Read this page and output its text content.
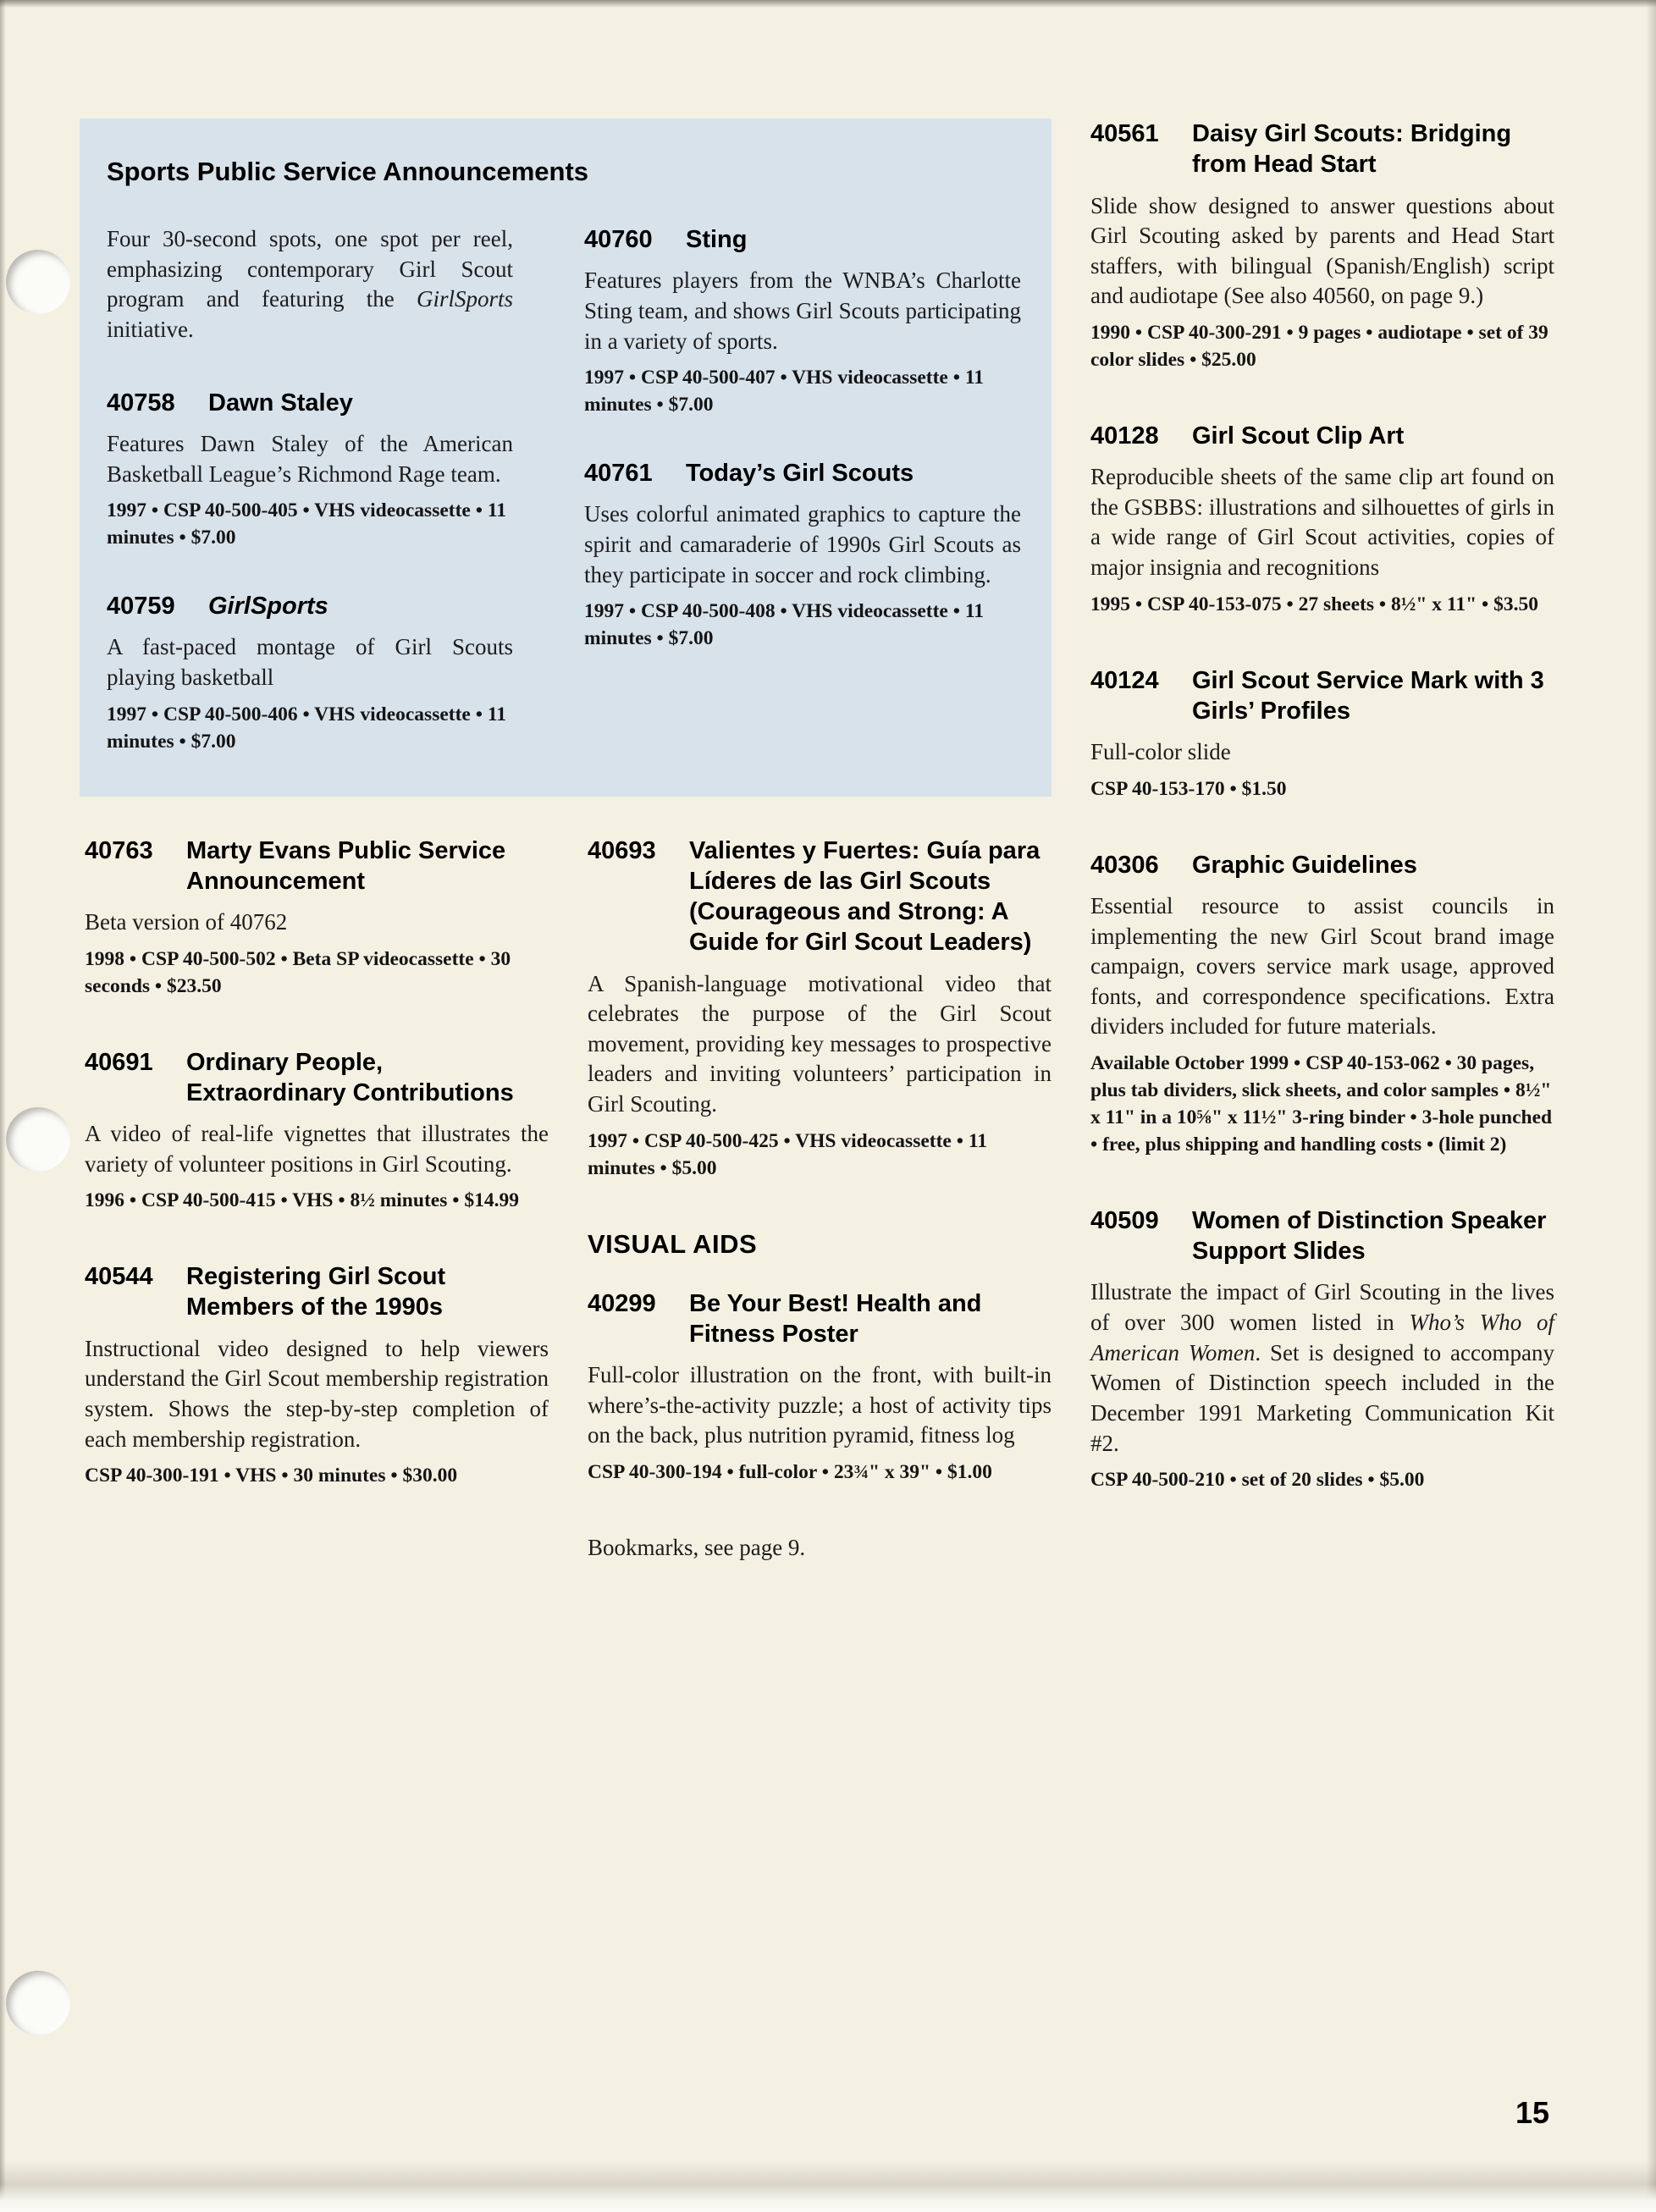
Sports Public Service Announcements

Four 30-second spots, one spot per reel, emphasizing contemporary Girl Scout program and featuring the GirlSports initiative.

40758	Dawn Staley

Features Dawn Staley of the American Basketball League’s Richmond Rage team.

1997 • CSP 40-500-405 • VHS videocassette • 11 minutes • $7.00

40759	GirlSports

A fast-paced montage of Girl Scouts playing basketball

1997 • CSP 40-500-406 • VHS videocassette • 11 minutes • $7.00

40760	Sting

Features players from the WNBA’s Charlotte Sting team, and shows Girl Scouts participating in a variety of sports.

1997 • CSP 40-500-407 • VHS videocassette • 11 minutes • $7.00

40761	Today’s Girl Scouts

Uses colorful animated graphics to capture the spirit and camaraderie of 1990s Girl Scouts as they participate in soccer and rock climbing.

1997 • CSP 40-500-408 • VHS videocassette • 11 minutes • $7.00

40763	Marty Evans Public Service Announcement

Beta version of 40762

1998 • CSP 40-500-502 • Beta SP videocassette • 30 seconds • $23.50

40691	Ordinary People, Extraordinary Contributions

A video of real-life vignettes that illustrates the variety of volunteer positions in Girl Scouting.

1996 • CSP 40-500-415 • VHS • 8½ minutes • $14.99

40544	Registering Girl Scout Members of the 1990s

Instructional video designed to help viewers understand the Girl Scout membership registration system. Shows the step-by-step completion of each membership registration.

CSP 40-300-191 • VHS • 30 minutes • $30.00

40693	Valientes y Fuertes: Guía para Líderes de las Girl Scouts (Courageous and Strong: A Guide for Girl Scout Leaders)

A Spanish-language motivational video that celebrates the purpose of the Girl Scout movement, providing key messages to prospective leaders and inviting volunteers’ participation in Girl Scouting.

1997 • CSP 40-500-425 • VHS videocassette • 11 minutes • $5.00

VISUAL AIDS
40299	Be Your Best! Health and Fitness Poster

Full-color illustration on the front, with built-in where’s-the-activity puzzle; a host of activity tips on the back, plus nutrition pyramid, fitness log

CSP 40-300-194 • full-color • 23¾" x 39" • $1.00

Bookmarks, see page 9.

40561	Daisy Girl Scouts: Bridging from Head Start

Slide show designed to answer questions about Girl Scouting asked by parents and Head Start staffers, with bilingual (Spanish/English) script and audiotape (See also 40560, on page 9.)

1990 • CSP 40-300-291 • 9 pages • audiotape • set of 39 color slides • $25.00

40128	Girl Scout Clip Art

Reproducible sheets of the same clip art found on the GSBBS: illustrations and silhouettes of girls in a wide range of Girl Scout activities, copies of major insignia and recognitions

1995 • CSP 40-153-075 • 27 sheets • 8½" x 11" • $3.50

40124	Girl Scout Service Mark with 3 Girls’ Profiles

Full-color slide

CSP 40-153-170 • $1.50

40306	Graphic Guidelines

Essential resource to assist councils in implementing the new Girl Scout brand image campaign, covers service mark usage, approved fonts, and correspondence specifications. Extra dividers included for future materials.

Available October 1999 • CSP 40-153-062 • 30 pages, plus tab dividers, slick sheets, and color samples • 8½" x 11" in a 10⅝" x 11½" 3-ring binder • 3-hole punched • free, plus shipping and handling costs • (limit 2)

40509	Women of Distinction Speaker Support Slides

Illustrate the impact of Girl Scouting in the lives of over 300 women listed in Who’s Who of American Women. Set is designed to accompany Women of Distinction speech included in the December 1991 Marketing Communication Kit #2.

CSP 40-500-210 • set of 20 slides • $5.00

15
